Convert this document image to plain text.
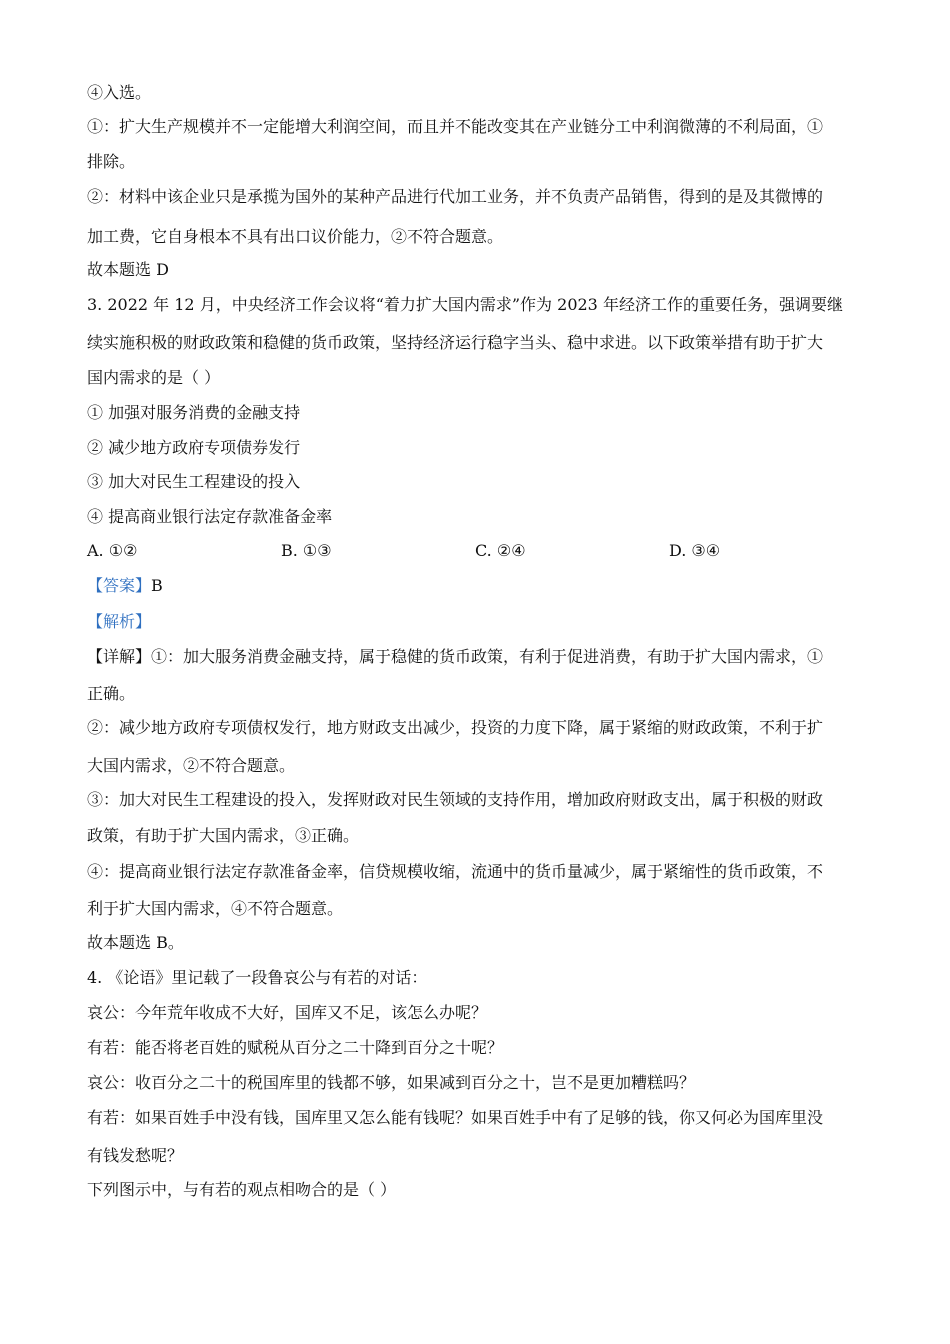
④入选。
①：扩大生产规模并不一定能增大利润空间，而且并不能改变其在产业链分工中利润微薄的不利局面，①
排除。
②：材料中该企业只是承揽为国外的某种产品进行代加工业务，并不负责产品销售，得到的是及其微博的
加工费，它自身根本不具有出口议价能力，②不符合题意。
故本题选 D
3. 2022 年 12 月，中央经济工作会议将“着力扩大国内需求”作为 2023 年经济工作的重要任务，强调要继
续实施积极的财政政策和稳健的货币政策，坚持经济运行稳字当头、稳中求进。以下政策举措有助于扩大
国内需求的是（ ）
① 加强对服务消费的金融支持
② 减少地方政府专项债券发行
③ 加大对民生工程建设的投入
④ 提高商业银行法定存款准备金率
A. ①②	B. ①③	C. ②④	D. ③④
【答案】B
【解析】
【详解】①：加大服务消费金融支持，属于稳健的货币政策，有利于促进消费，有助于扩大国内需求，①
正确。
②：减少地方政府专项债权发行，地方财政支出减少，投资的力度下降，属于紧缩的财政政策，不利于扩
大国内需求，②不符合题意。
③：加大对民生工程建设的投入，发挥财政对民生领域的支持作用，增加政府财政支出，属于积极的财政
政策，有助于扩大国内需求，③正确。
④：提高商业银行法定存款准备金率，信贷规模收缩，流通中的货币量减少，属于紧缩性的货币政策，不
利于扩大国内需求，④不符合题意。
故本题选 B。
4. 《论语》里记载了一段鲁哀公与有若的对话：
哀公：今年荒年收成不大好，国库又不足，该怎么办呢？
有若：能否将老百姓的赋税从百分之二十降到百分之十呢？
哀公：收百分之二十的税国库里的钱都不够，如果减到百分之十，岂不是更加糟糕吗？
有若：如果百姓手中没有钱，国库里又怎么能有钱呢？如果百姓手中有了足够的钱，你又何必为国库里没
有钱发愁呢？
下列图示中，与有若的观点相吻合的是（ ）
